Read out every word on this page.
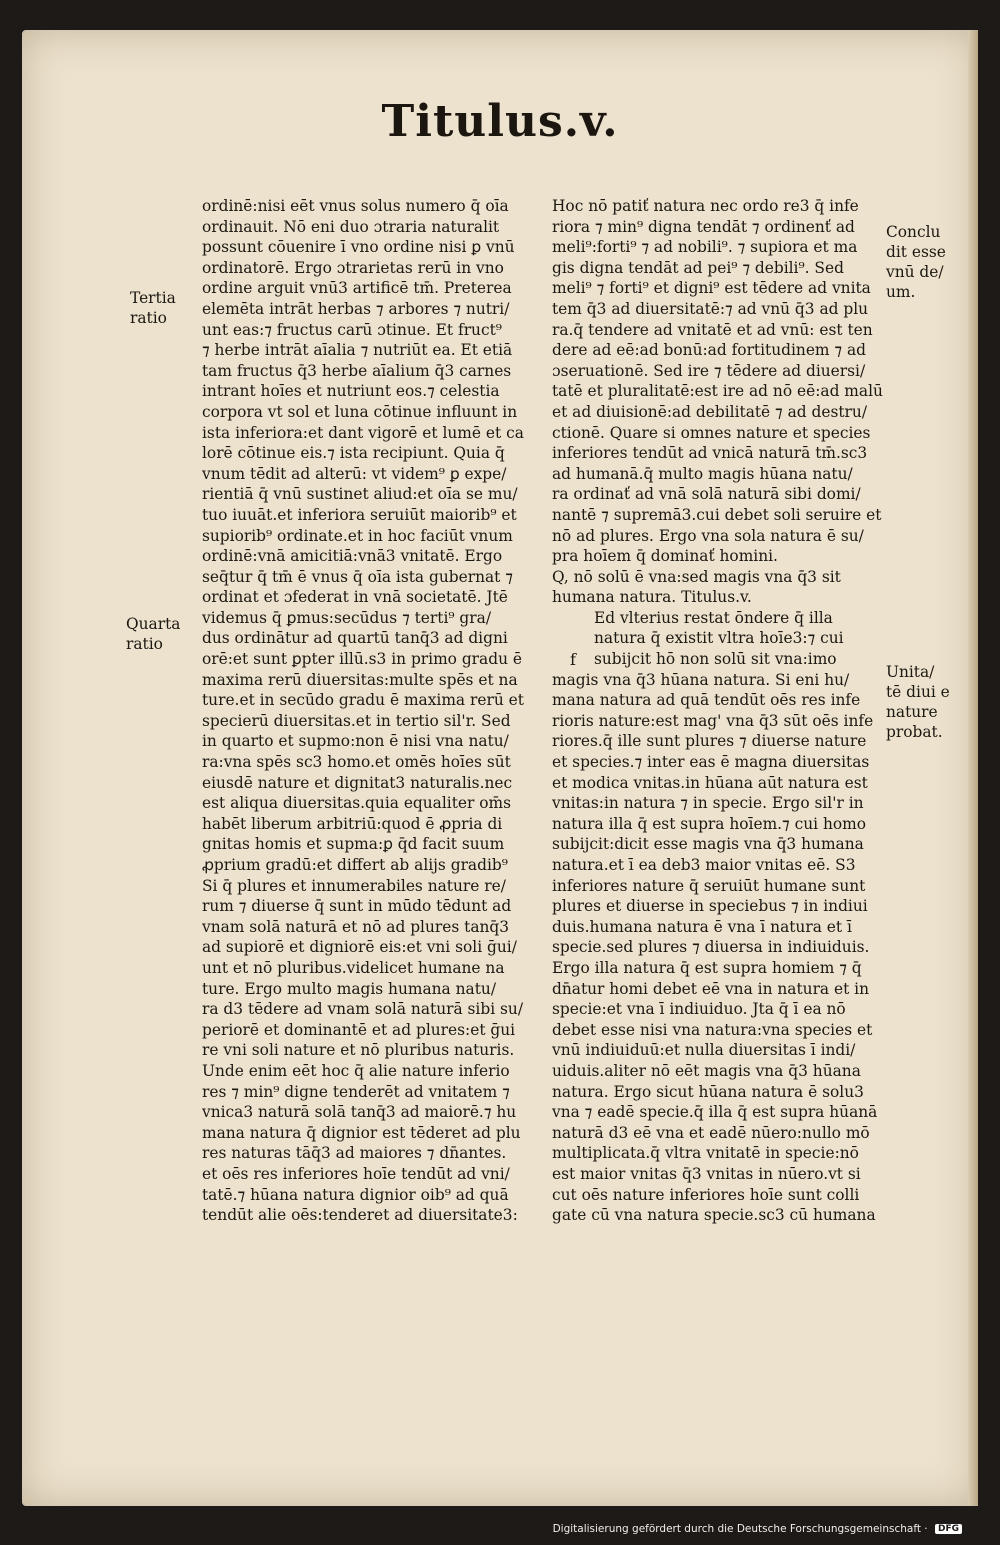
Titulus.v.
Tertia
ratio
Quarta
ratio
Conclu
dit esse
vnū de/
um.
Unita/
tē diui e
nature
probat.
f
ordinē:nisi eēt vnus solus numero q̄ oīa
ordinauit. Nō eni duo ɔtraria naturalit
possunt cōuenire ī vno ordine nisi ꝑ vnū
ordinatorē. Ergo ɔtrarietas rerū in vno
ordine arguit vnū3 artificē tm̄. Preterea
elemēta intrāt herbas ⁊ arbores ⁊ nutri/
unt eas:⁊ fructus carū ɔtinue. Et fruct⁹
⁊ herbe intrāt aīalia ⁊ nutriūt ea. Et etiā
tam fructus q̄3 herbe aīalium q̄3 carnes
intrant hoīes et nutriunt eos.⁊ celestia
corpora vt sol et luna cōtinue influunt in
ista inferiora:et dant vigorē et lumē et ca
lorē cōtinue eis.⁊ ista recipiunt. Quia q̄
vnum tēdit ad alterū: vt videm⁹ ꝑ expe/
rientiā q̄ vnū sustinet aliud:et oīa se mu/
tuo iuuāt.et inferiora seruiūt maiorib⁹ et
supiorib⁹ ordinate.et in hoc faciūt vnum
ordinē:vnā amicitiā:vnā3 vnitatē. Ergo
seq̄tur q̄ tm̄ ē vnus q̄ oīa ista gubernat ⁊
ordinat et ɔfederat in vnā societatē. Jtē
videmus q̄ ꝑmus:secūdus ⁊ terti⁹ gra/
dus ordinātur ad quartū tanq̄3 ad digni
orē:et sunt ꝑpter illū.s3 in primo gradu ē
maxima rerū diuersitas:multe spēs et na
ture.et in secūdo gradu ē maxima rerū et
specierū diuersitas.et in tertio sil'r. Sed
in quarto et supmo:non ē nisi vna natu/
ra:vna spēs sc3 homo.et omēs hoīes sūt
eiusdē nature et dignitat3 naturalis.nec
est aliqua diuersitas.quia equaliter om̄s
habēt liberum arbitriū:quod ē ꝓpria di
gnitas homis et supma:ꝑ q̄d facit suum
ꝓprium gradū:et differt ab alijs gradib⁹
Si q̄ plures et innumerabiles nature re/
rum ⁊ diuerse q̄ sunt in mūdo tēdunt ad
vnam solā naturā et nō ad plures tanq̄3
ad supiorē et digniorē eis:et vni soli ḡui/
unt et nō pluribus.videlicet humane na
ture. Ergo multo magis humana natu/
ra d3 tēdere ad vnam solā naturā sibi su/
periorē et dominantē et ad plures:et ḡui
re vni soli nature et nō pluribus naturis.
Unde enim eēt hoc q̄ alie nature inferio
res ⁊ min⁹ digne tenderēt ad vnitatem ⁊
vnica3 naturā solā tanq̄3 ad maiorē.⁊ hu
mana natura q̄ dignior est tēderet ad plu
res naturas tāq̄3 ad maiores ⁊ dn̄antes.
et oēs res inferiores hoīe tendūt ad vni/
tatē.⁊ hūana natura dignior oib⁹ ad quā
tendūt alie oēs:tenderet ad diuersitate3:
Hoc nō patiť natura nec ordo re3 q̄ infe
riora ⁊ min⁹ digna tendāt ⁊ ordinenť ad
meli⁹:forti⁹ ⁊ ad nobili⁹. ⁊ supiora et ma
gis digna tendāt ad pei⁹ ⁊ debili⁹. Sed
meli⁹ ⁊ forti⁹ et digni⁹ est tēdere ad vnita
tem q̄3 ad diuersitatē:⁊ ad vnū q̄3 ad plu
ra.q̄ tendere ad vnitatē et ad vnū: est ten
dere ad eē:ad bonū:ad fortitudinem ⁊ ad
ɔseruationē. Sed ire ⁊ tēdere ad diuersi/
tatē et pluralitatē:est ire ad nō eē:ad malū
et ad diuisionē:ad debilitatē ⁊ ad destru/
ctionē. Quare si omnes nature et species
inferiores tendūt ad vnicā naturā tm̄.sc3
ad humanā.q̄ multo magis hūana natu/
ra ordinať ad vnā solā naturā sibi domi/
nantē ⁊ supremā3.cui debet soli seruire et
nō ad plures. Ergo vna sola natura ē su/
pra hoīem q̄ dominať homini.
Q, nō solū ē vna:sed magis vna q̄3 sit
humana natura. Titulus.v.
Ed vlterius restat ōndere q̄ illa
natura q̄ existit vltra hoīe3:⁊ cui
subijcit hō non solū sit vna:imo
magis vna q̄3 hūana natura. Si eni hu/
mana natura ad quā tendūt oēs res infe
rioris nature:est mag' vna q̄3 sūt oēs infe
riores.q̄ ille sunt plures ⁊ diuerse nature
et species.⁊ inter eas ē magna diuersitas
et modica vnitas.in hūana aūt natura est
vnitas:in natura ⁊ in specie. Ergo sil'r in
natura illa q̄ est supra hoīem.⁊ cui homo
subijcit:dicit esse magis vna q̄3 humana
natura.et ī ea deb3 maior vnitas eē. S3
inferiores nature q̄ seruiūt humane sunt
plures et diuerse in speciebus ⁊ in indiui
duis.humana natura ē vna ī natura et ī
specie.sed plures ⁊ diuersa in indiuiduis.
Ergo illa natura q̄ est supra homiem ⁊ q̄
dn̄atur homi debet eē vna in natura et in
specie:et vna ī indiuiduo. Jta q̄ ī ea nō
debet esse nisi vna natura:vna species et
vnū indiuiduū:et nulla diuersitas ī indi/
uiduis.aliter nō eēt magis vna q̄3 hūana
natura. Ergo sicut hūana natura ē solu3
vna ⁊ eadē specie.q̄ illa q̄ est supra hūanā
naturā d3 eē vna et eadē nūero:nullo mō
multiplicata.q̄ vltra vnitatē in specie:nō
est maior vnitas q̄3 vnitas in nūero.vt si
cut oēs nature inferiores hoīe sunt colli
gate cū vna natura specie.sc3 cū humana
Digitalisierung gefördert durch die Deutsche Forschungsgemeinschaft · DFG
